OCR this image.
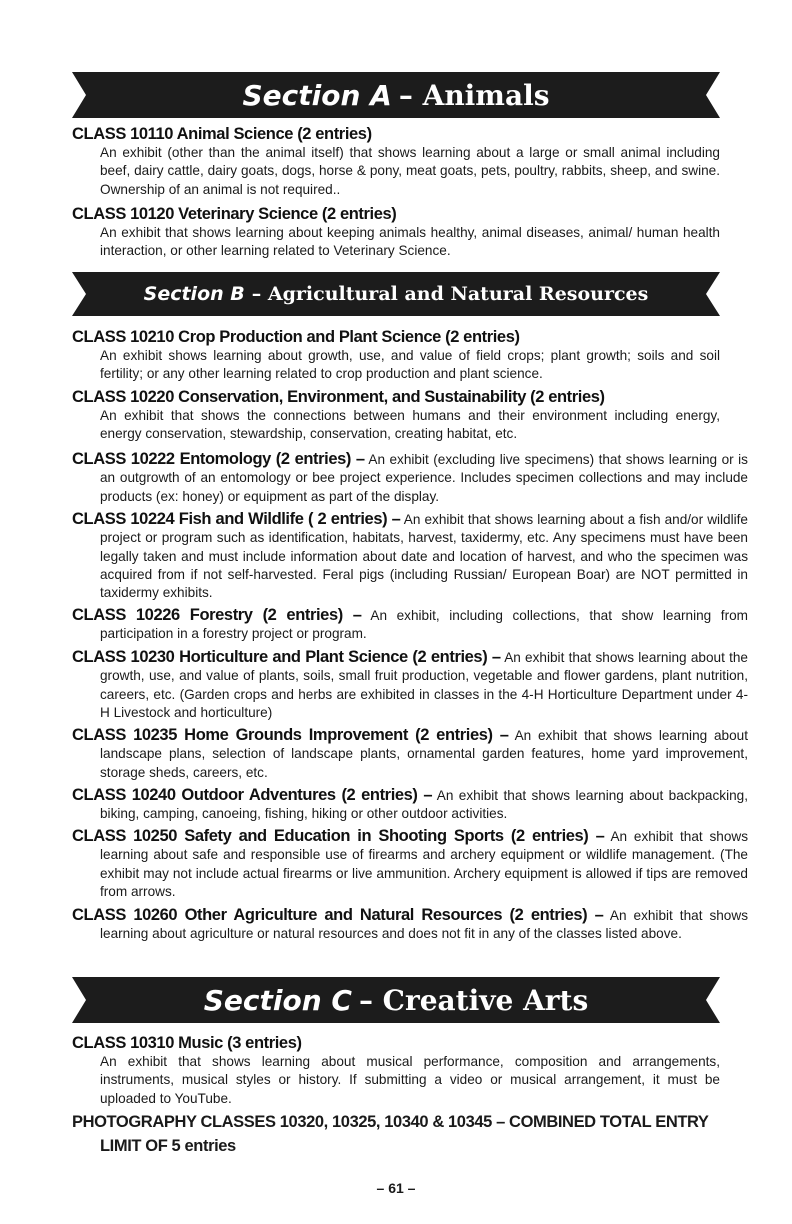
Section A – Animals
CLASS 10110 Animal Science (2 entries)
An exhibit (other than the animal itself) that shows learning about a large or small animal including beef, dairy cattle, dairy goats, dogs, horse & pony, meat goats, pets, poultry, rabbits, sheep, and swine. Ownership of an animal is not required..
CLASS 10120 Veterinary Science (2 entries)
An exhibit that shows learning about keeping animals healthy, animal diseases, animal/ human health interaction, or other learning related to Veterinary Science.
Section B – Agricultural and Natural Resources
CLASS 10210 Crop Production and Plant Science (2 entries)
An exhibit shows learning about growth, use, and value of field crops; plant growth; soils and soil fertility; or any other learning related to crop production and plant science.
CLASS 10220 Conservation, Environment, and Sustainability (2 entries)
An exhibit that shows the connections between humans and their environment including energy, energy conservation, stewardship, conservation, creating habitat, etc.
CLASS 10222 Entomology (2 entries) – An exhibit (excluding live specimens) that shows learning or is an outgrowth of an entomology or bee project experience. Includes specimen collections and may include products (ex: honey) or equipment as part of the display.
CLASS 10224 Fish and Wildlife ( 2 entries) – An exhibit that shows learning about a fish and/or wildlife project or program such as identification, habitats, harvest, taxidermy, etc. Any specimens must have been legally taken and must include information about date and location of harvest, and who the specimen was acquired from if not self-harvested. Feral pigs (including Russian/ European Boar) are NOT permitted in taxidermy exhibits.
CLASS 10226 Forestry (2 entries) – An exhibit, including collections, that show learning from participation in a forestry project or program.
CLASS 10230 Horticulture and Plant Science (2 entries) – An exhibit that shows learning about the growth, use, and value of plants, soils, small fruit production, vegetable and flower gardens, plant nutrition, careers, etc. (Garden crops and herbs are exhibited in classes in the 4-H Horticulture Department under 4-H Livestock and horticulture)
CLASS 10235 Home Grounds Improvement (2 entries) – An exhibit that shows learning about landscape plans, selection of landscape plants, ornamental garden features, home yard improvement, storage sheds, careers, etc.
CLASS 10240 Outdoor Adventures (2 entries) – An exhibit that shows learning about backpacking, biking, camping, canoeing, fishing, hiking or other outdoor activities.
CLASS 10250 Safety and Education in Shooting Sports (2 entries) – An exhibit that shows learning about safe and responsible use of firearms and archery equipment or wildlife management. (The exhibit may not include actual firearms or live ammunition. Archery equipment is allowed if tips are removed from arrows.
CLASS 10260 Other Agriculture and Natural Resources (2 entries) – An exhibit that shows learning about agriculture or natural resources and does not fit in any of the classes listed above.
Section C – Creative Arts
CLASS 10310 Music (3 entries)
An exhibit that shows learning about musical performance, composition and arrangements, instruments, musical styles or history. If submitting a video or musical arrangement, it must be uploaded to YouTube.
PHOTOGRAPHY CLASSES 10320, 10325, 10340 & 10345 – COMBINED TOTAL ENTRY
LIMIT OF 5 entries
– 61 –
